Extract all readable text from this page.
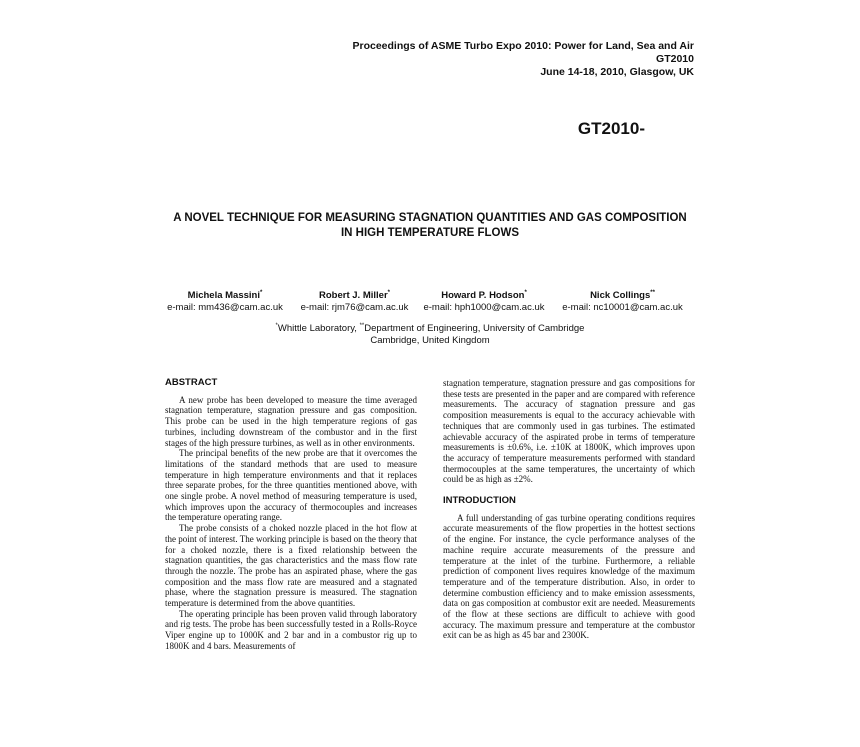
Proceedings of ASME Turbo Expo 2010: Power for Land, Sea and Air
GT2010
June 14-18, 2010, Glasgow, UK
GT2010-
A NOVEL TECHNIQUE FOR MEASURING STAGNATION QUANTITIES AND GAS COMPOSITION
IN HIGH TEMPERATURE FLOWS
Michela Massini*
e-mail: mm436@cam.ac.uk
Robert J. Miller*
e-mail: rjm76@cam.ac.uk
Howard P. Hodson*
e-mail: hph1000@cam.ac.uk
Nick Collings**
e-mail: nc10001@cam.ac.uk
*Whittle Laboratory, **Department of Engineering, University of Cambridge
Cambridge, United Kingdom
ABSTRACT

A new probe has been developed to measure the time averaged stagnation temperature, stagnation pressure and gas composition. This probe can be used in the high temperature regions of gas turbines, including downstream of the combustor and in the first stages of the high pressure turbines, as well as in other environments.

The principal benefits of the new probe are that it overcomes the limitations of the standard methods that are used to measure temperature in high temperature environments and that it replaces three separate probes, for the three quantities mentioned above, with one single probe. A novel method of measuring temperature is used, which improves upon the accuracy of thermocouples and increases the temperature operating range.

The probe consists of a choked nozzle placed in the hot flow at the point of interest. The working principle is based on the theory that for a choked nozzle, there is a fixed relationship between the stagnation quantities, the gas characteristics and the mass flow rate through the nozzle. The probe has an aspirated phase, where the gas composition and the mass flow rate are measured and a stagnated phase, where the stagnation pressure is measured. The stagnation temperature is determined from the above quantities.

The operating principle has been proven valid through laboratory and rig tests. The probe has been successfully tested in a Rolls-Royce Viper engine up to 1000K and 2 bar and in a combustor rig up to 1800K and 4 bars. Measurements of

stagnation temperature, stagnation pressure and gas compositions for these tests are presented in the paper and are compared with reference measurements. The accuracy of stagnation pressure and gas composition measurements is equal to the accuracy achievable with techniques that are commonly used in gas turbines. The estimated achievable accuracy of the aspirated probe in terms of temperature measurements is ±0.6%, i.e. ±10K at 1800K, which improves upon the accuracy of temperature measurements performed with standard thermocouples at the same temperatures, the uncertainty of which could be as high as ±2%.

INTRODUCTION

A full understanding of gas turbine operating conditions requires accurate measurements of the flow properties in the hottest sections of the engine. For instance, the cycle performance analyses of the machine require accurate measurements of the pressure and temperature at the inlet of the turbine. Furthermore, a reliable prediction of component lives requires knowledge of the maximum temperature and of the temperature distribution. Also, in order to determine combustion efficiency and to make emission assessments, data on gas composition at combustor exit are needed. Measurements of the flow at these sections are difficult to achieve with good accuracy. The maximum pressure and temperature at the combustor exit can be as high as 45 bar and 2300K.
